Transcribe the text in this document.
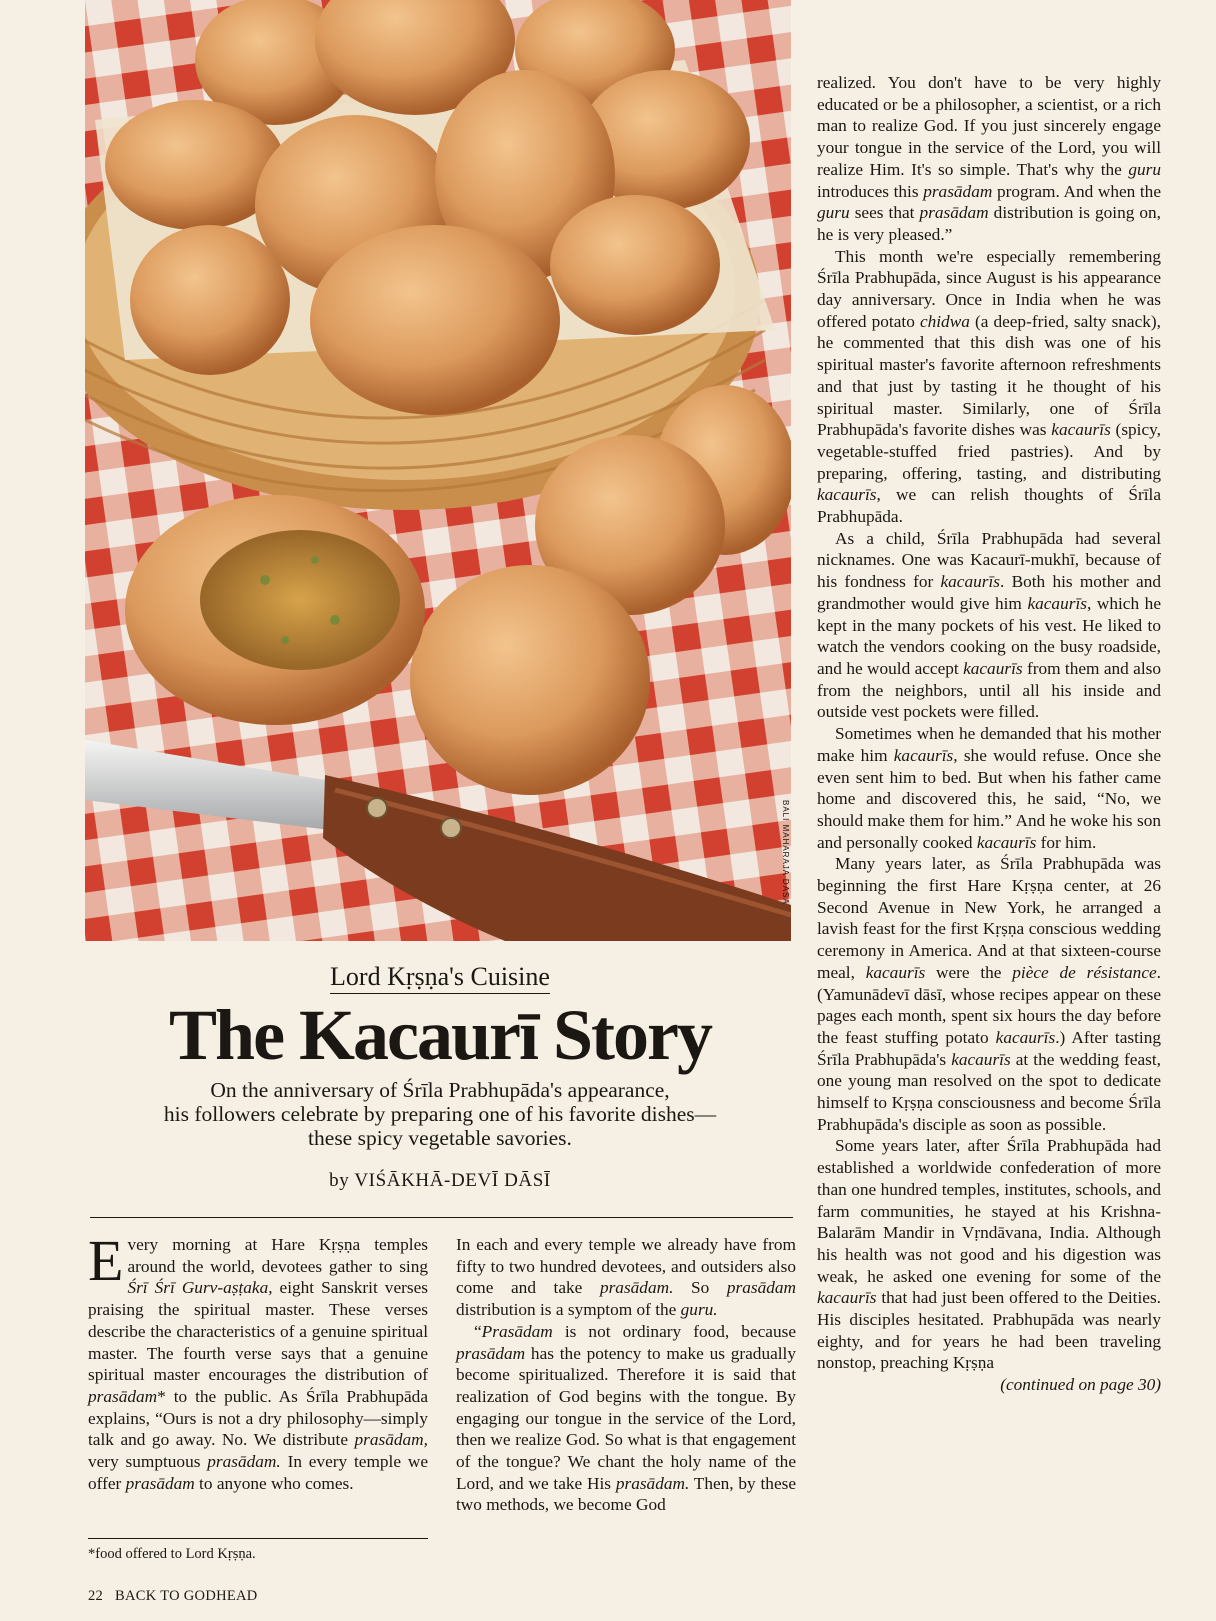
BALI MAHARAJA DASA
Lord Kṛṣṇa's Cuisine
The Kacaurī Story
On the anniversary of Śrīla Prabhupāda's appearance,
his followers celebrate by preparing one of his favorite dishes—
these spicy vegetable savories.
by VIŚĀKHĀ-DEVĪ DĀSĪ

Every morning at Hare Kṛṣṇa temples around the world, devotees gather to sing Śrī Śrī Gurv-aṣṭaka, eight Sanskrit verses praising the spiritual master. These verses describe the characteristics of a genuine spiritual master. The fourth verse says that a genuine spiritual master encourages the distribution of prasādam* to the public. As Śrīla Prabhupāda explains, “Ours is not a dry philosophy—simply talk and go away. No. We distribute prasādam, very sumptuous prasādam. In every temple we offer prasādam to anyone who comes.

*food offered to Lord Kṛṣṇa.

In each and every temple we already have from fifty to two hundred devotees, and outsiders also come and take prasādam. So prasādam distribution is a symptom of the guru.

“Prasādam is not ordinary food, because prasādam has the potency to make us gradually become spiritualized. Therefore it is said that realization of God begins with the tongue. By engaging our tongue in the service of the Lord, then we realize God. So what is that engagement of the tongue? We chant the holy name of the Lord, and we take His prasādam. Then, by these two methods, we become God

realized. You don't have to be very highly educated or be a philosopher, a scientist, or a rich man to realize God. If you just sincerely engage your tongue in the service of the Lord, you will realize Him. It's so simple. That's why the guru introduces this prasādam program. And when the guru sees that prasādam distribution is going on, he is very pleased.”

This month we're especially remembering Śrīla Prabhupāda, since August is his appearance day anniversary. Once in India when he was offered potato chidwa (a deep-fried, salty snack), he commented that this dish was one of his spiritual master's favorite afternoon refreshments and that just by tasting it he thought of his spiritual master. Similarly, one of Śrīla Prabhupāda's favorite dishes was kacaurīs (spicy, vegetable-stuffed fried pastries). And by preparing, offering, tasting, and distributing kacaurīs, we can relish thoughts of Śrīla Prabhupāda.

As a child, Śrīla Prabhupāda had several nicknames. One was Kacaurī-mukhī, because of his fondness for kacaurīs. Both his mother and grandmother would give him kacaurīs, which he kept in the many pockets of his vest. He liked to watch the vendors cooking on the busy roadside, and he would accept kacaurīs from them and also from the neighbors, until all his inside and outside vest pockets were filled.

Sometimes when he demanded that his mother make him kacaurīs, she would refuse. Once she even sent him to bed. But when his father came home and discovered this, he said, “No, we should make them for him.” And he woke his son and personally cooked kacaurīs for him.

Many years later, as Śrīla Prabhupāda was beginning the first Hare Kṛṣṇa center, at 26 Second Avenue in New York, he arranged a lavish feast for the first Kṛṣṇa conscious wedding ceremony in America. And at that sixteen-course meal, kacaurīs were the pièce de résistance. (Yamunādevī dāsī, whose recipes appear on these pages each month, spent six hours the day before the feast stuffing potato kacaurīs.) After tasting Śrīla Prabhupāda's kacaurīs at the wedding feast, one young man resolved on the spot to dedicate himself to Kṛṣṇa consciousness and become Śrīla Prabhupāda's disciple as soon as possible.

Some years later, after Śrīla Prabhupāda had established a worldwide confederation of more than one hundred temples, institutes, schools, and farm communities, he stayed at his Krishna-Balarām Mandir in Vṛndāvana, India. Although his health was not good and his digestion was weak, he asked one evening for some of the kacaurīs that had just been offered to the Deities. His disciples hesitated. Prabhupāda was nearly eighty, and for years he had been traveling nonstop, preaching Kṛṣṇa

(continued on page 30)

22 BACK TO GODHEAD
